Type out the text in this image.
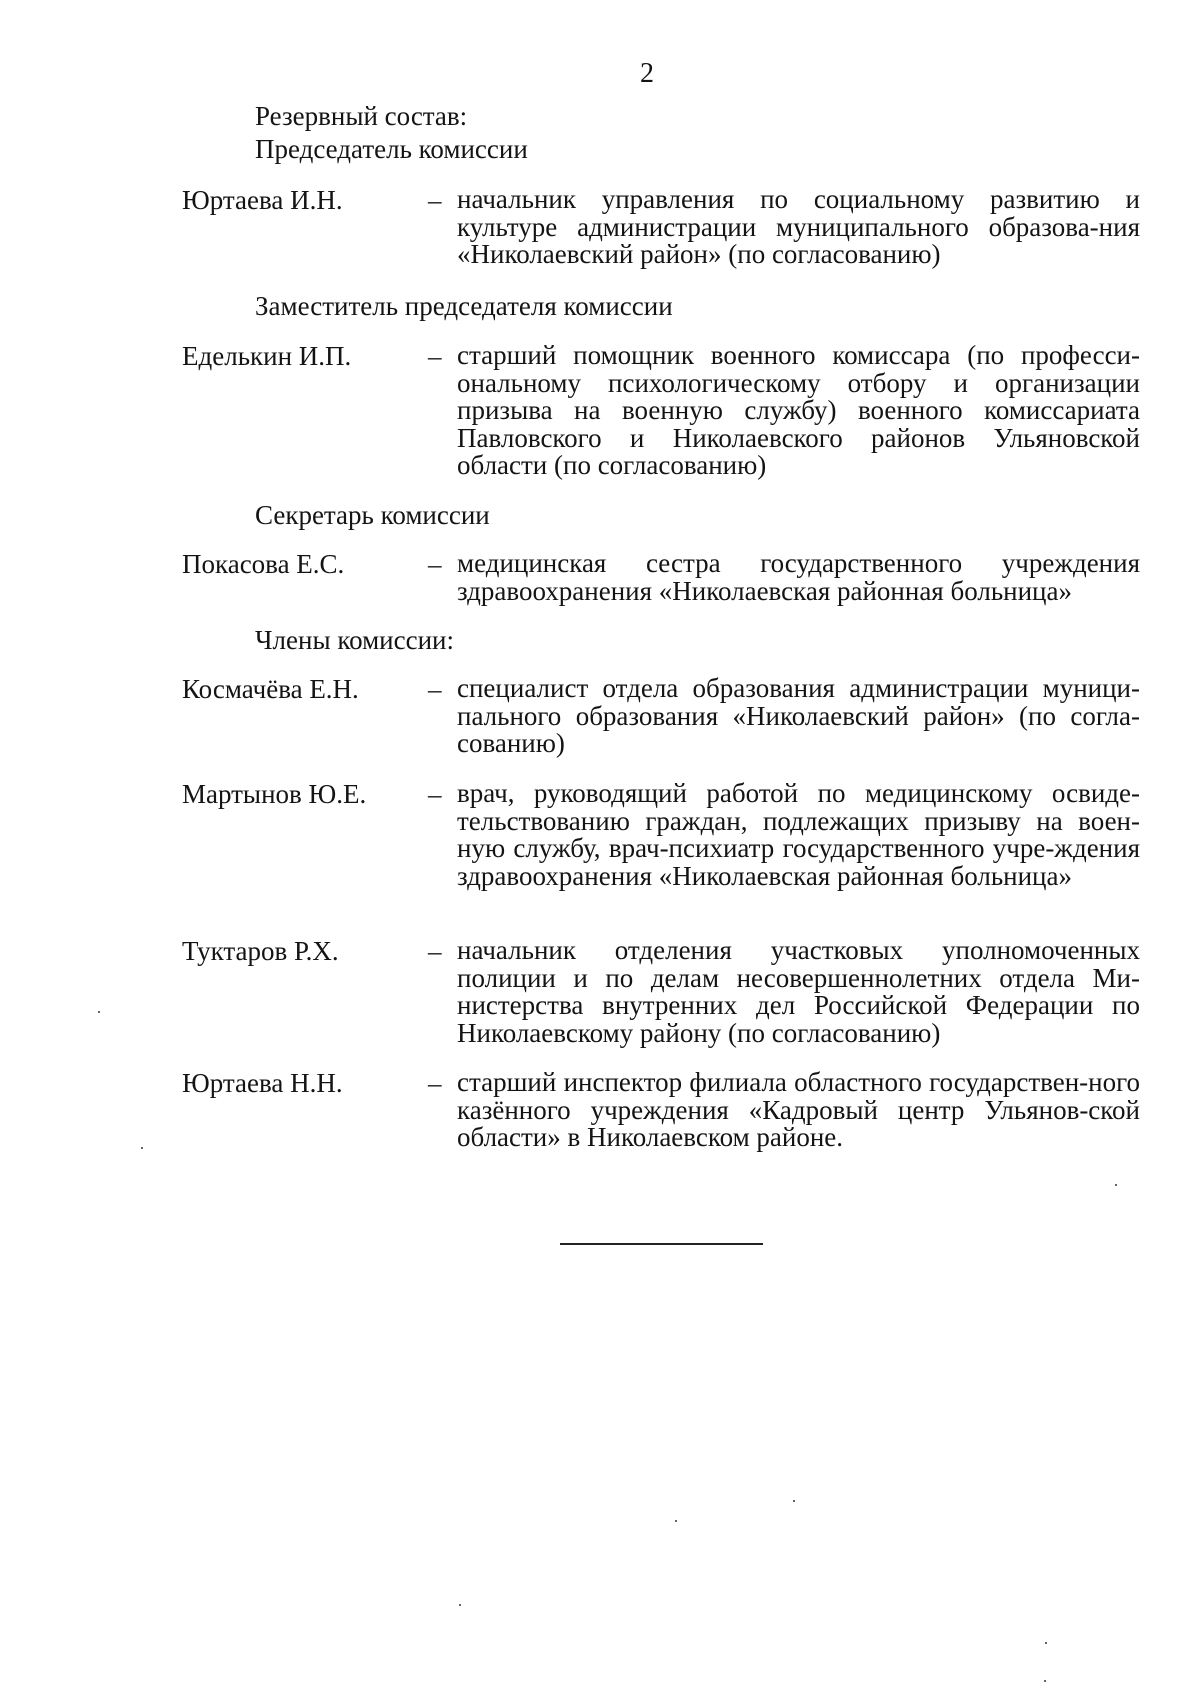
2
Резервный состав:
Председатель комиссии
Юртаева И.Н.	– начальник управления по социальному развитию и культуре администрации муниципального образова-ния «Николаевский район» (по согласованию)
Заместитель председателя комиссии
Еделькин И.П.	– старший помощник военного комиссара (по професси-ональному психологическому отбору и организации призыва на военную службу) военного комиссариата Павловского и Николаевского районов Ульяновской области (по согласованию)
Секретарь комиссии
Покасова Е.С.	– медицинская сестра государственного учреждения здравоохранения «Николаевская районная больница»
Члены комиссии:
Космачёва Е.Н.	– специалист отдела образования администрации муници-пального образования «Николаевский район» (по согла-сованию)
Мартынов Ю.Е. – врач, руководящий работой по медицинскому освиде-тельствованию граждан, подлежащих призыву на воен-ную службу, врач-психиатр государственного учре-ждения здравоохранения «Николаевская районная больница»
Туктаров Р.Х.	– начальник отделения участковых уполномоченных полиции и по делам несовершеннолетних отдела Ми-нистерства внутренних дел Российской Федерации по Николаевскому району (по согласованию)
Юртаева Н.Н.	– старший инспектор филиала областного государствен-ного казённого учреждения «Кадровый центр Ульянов-ской области» в Николаевском районе.
